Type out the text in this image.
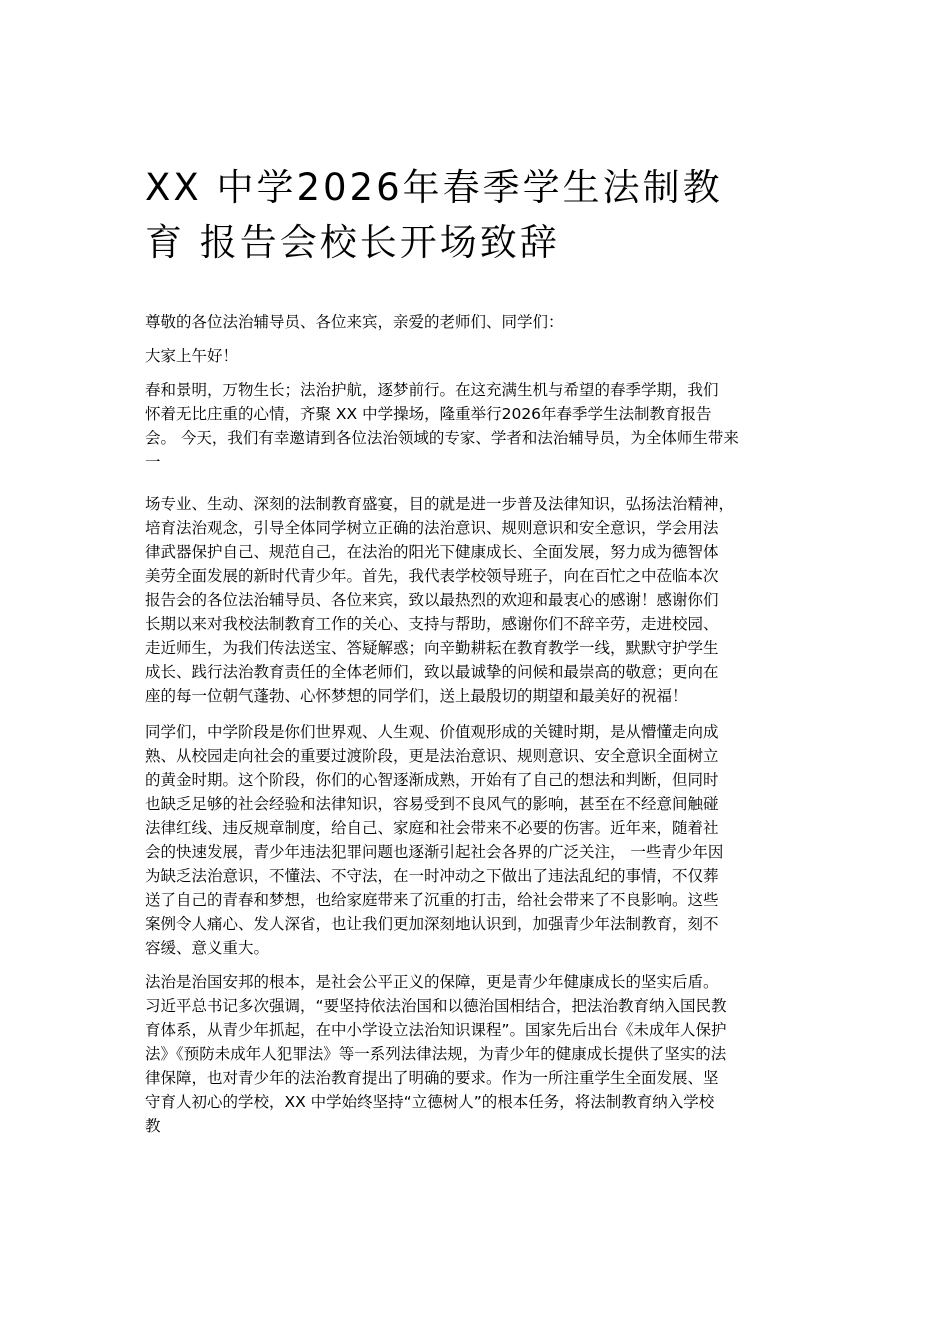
XX 中学2026年春季学生法制教
育 报告会校长开场致辞
尊敬的各位法治辅导员、各位来宾，亲爱的老师们、同学们：
大家上午好！
春和景明，万物生长；法治护航，逐梦前行。在这充满生机与希望的春季学期，我们
怀着无比庄重的心情，齐聚 XX 中学操场，隆重举行2026年春季学生法制教育报告
会。 今天，我们有幸邀请到各位法治领域的专家、学者和法治辅导员，为全体师生带来
一
场专业、生动、深刻的法制教育盛宴，目的就是进一步普及法律知识，弘扬法治精神，
培育法治观念，引导全体同学树立正确的法治意识、规则意识和安全意识，学会用法
律武器保护自己、规范自己，在法治的阳光下健康成长、全面发展，努力成为德智体
美劳全面发展的新时代青少年。首先，我代表学校领导班子，向在百忙之中莅临本次
报告会的各位法治辅导员、各位来宾，致以最热烈的欢迎和最衷心的感谢！感谢你们
长期以来对我校法制教育工作的关心、支持与帮助，感谢你们不辞辛劳，走进校园、
走近师生，为我们传法送宝、答疑解惑；向辛勤耕耘在教育教学一线，默默守护学生
成长、践行法治教育责任的全体老师们，致以最诚挚的问候和最崇高的敬意；更向在
座的每一位朝气蓬勃、心怀梦想的同学们，送上最殷切的期望和最美好的祝福！
同学们，中学阶段是你们世界观、人生观、价值观形成的关键时期，是从懵懂走向成
熟、从校园走向社会的重要过渡阶段，更是法治意识、规则意识、安全意识全面树立
的黄金时期。这个阶段，你们的心智逐渐成熟，开始有了自己的想法和判断，但同时
也缺乏足够的社会经验和法律知识，容易受到不良风气的影响，甚至在不经意间触碰
法律红线、违反规章制度，给自己、家庭和社会带来不必要的伤害。近年来，随着社
会的快速发展，青少年违法犯罪问题也逐渐引起社会各界的广泛关注， 一些青少年因
为缺乏法治意识，不懂法、不守法，在一时冲动之下做出了违法乱纪的事情，不仅葬
送了自己的青春和梦想，也给家庭带来了沉重的打击，给社会带来了不良影响。这些
案例令人痛心、发人深省，也让我们更加深刻地认识到，加强青少年法制教育，刻不
容缓、意义重大。
法治是治国安邦的根本，是社会公平正义的保障，更是青少年健康成长的坚实后盾。
习近平总书记多次强调，“要坚持依法治国和以德治国相结合，把法治教育纳入国民教
育体系，从青少年抓起，在中小学设立法治知识课程”。国家先后出台《未成年人保护
法》《预防未成年人犯罪法》等一系列法律法规，为青少年的健康成长提供了坚实的法
律保障，也对青少年的法治教育提出了明确的要求。作为一所注重学生全面发展、坚
守育人初心的学校，XX 中学始终坚持“立德树人”的根本任务，将法制教育纳入学校
教
